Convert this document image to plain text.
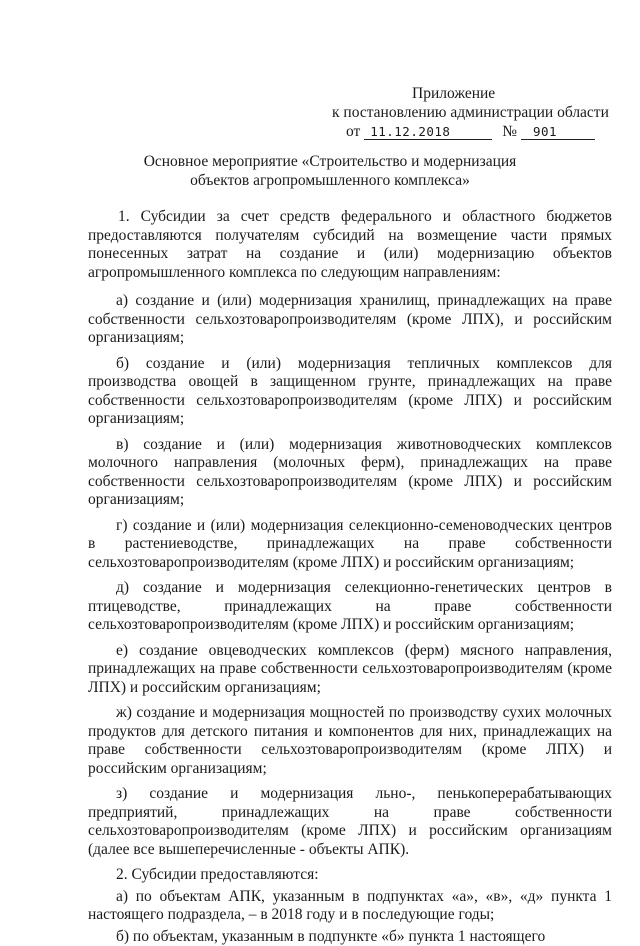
Приложение
к постановлению администрации области
от 11.12.2018	№ 901
Основное мероприятие «Строительство и модернизация
объектов агропромышленного комплекса»

1. Субсидии за счет средств федерального и областного бюджетов предоставляются получателям субсидий на возмещение части прямых понесенных затрат на создание и (или) модернизацию объектов агропромышленного комплекса по следующим направлениям:

а) создание и (или) модернизация хранилищ, принадлежащих на праве собственности сельхозтоваропроизводителям (кроме ЛПХ), и российским организациям;

б) создание и (или) модернизация тепличных комплексов для производства овощей в защищенном грунте, принадлежащих на праве собственности сельхозтоваропроизводителям (кроме ЛПХ) и российским организациям;

в) создание и (или) модернизация животноводческих комплексов молочного направления (молочных ферм), принадлежащих на праве собственности сельхозтоваропроизводителям (кроме ЛПХ) и российским организациям;

г) создание и (или) модернизация селекционно-семеноводческих центров в растениеводстве, принадлежащих на праве собственности сельхозтоваропроизводителям (кроме ЛПХ) и российским организациям;

д) создание и модернизация селекционно-генетических центров в птицеводстве, принадлежащих на праве собственности сельхозтоваропроизводителям (кроме ЛПХ) и российским организациям;

е) создание овцеводческих комплексов (ферм) мясного направления, принадлежащих на праве собственности сельхозтоваропроизводителям (кроме ЛПХ) и российским организациям;

ж) создание и модернизация мощностей по производству сухих молочных продуктов для детского питания и компонентов для них, принадлежащих на праве собственности сельхозтоваропроизводителям (кроме ЛПХ) и российским организациям;

з) создание и модернизация льно-, пенькоперерабатывающих предприятий, принадлежащих на праве собственности сельхозтоваропроизводителям (кроме ЛПХ) и российским организациям (далее все вышеперечисленные - объекты АПК).

2. Субсидии предоставляются:

а) по объектам АПК, указанным в подпунктах «а», «в», «д» пункта 1 настоящего подраздела, – в 2018 году и в последующие годы;

б) по объектам, указанным в подпункте «б» пункта 1 настоящего
